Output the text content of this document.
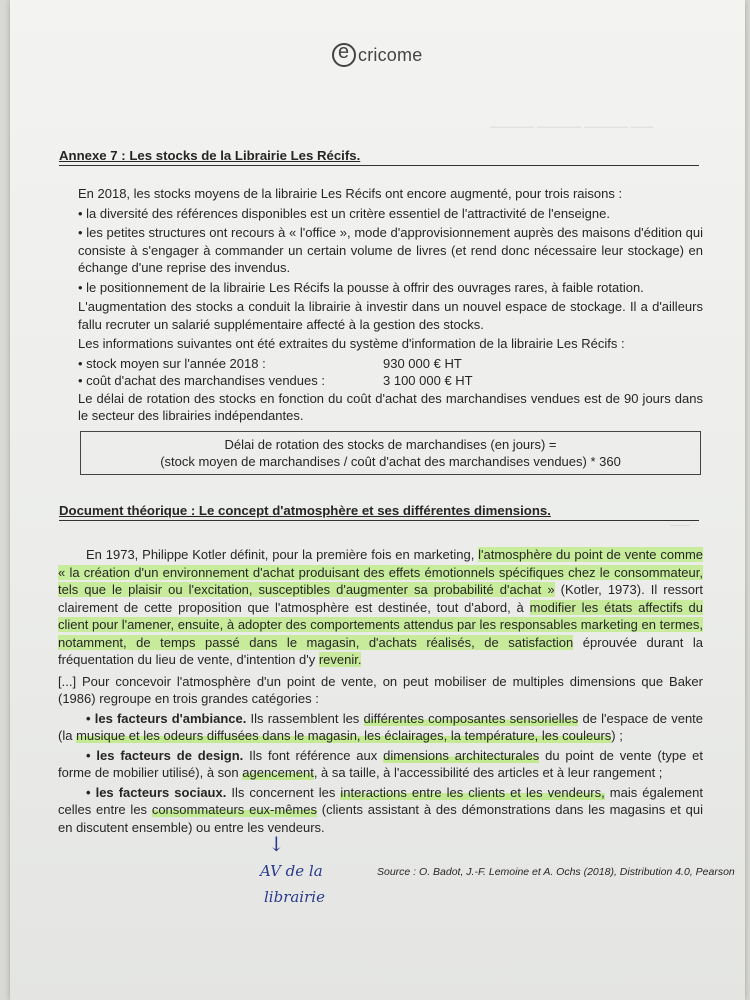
e
cricome
———— ———— ———— ——
Annexe 7 : Les stocks de la Librairie Les Récifs.

En 2018, les stocks moyens de la librairie Les Récifs ont encore augmenté, pour trois raisons :

• la diversité des références disponibles est un critère essentiel de l'attractivité de l'enseigne.

• les petites structures ont recours à « l'office », mode d'approvisionnement auprès des maisons d'édition qui consiste à s'engager à commander un certain volume de livres (et rend donc nécessaire leur stockage) en échange d'une reprise des invendus.

• le positionnement de la librairie Les Récifs la pousse à offrir des ouvrages rares, à faible rotation.

L'augmentation des stocks a conduit la librairie à investir dans un nouvel espace de stockage. Il a d'ailleurs fallu recruter un salarié supplémentaire affecté à la gestion des stocks.

Les informations suivantes ont été extraites du système d'information de la librairie Les Récifs :

• stock moyen sur l'année 2018 :	930 000 € HT
• coût d'achat des marchandises vendues :	3 100 000 € HT

Le délai de rotation des stocks en fonction du coût d'achat des marchandises vendues est de 90 jours dans le secteur des librairies indépendantes.

Délai de rotation des stocks de marchandises (en jours) =
(stock moyen de marchandises / coût d'achat des marchandises vendues) * 360
——
Document théorique : Le concept d'atmosphère et ses différentes dimensions.

En 1973, Philippe Kotler définit, pour la première fois en marketing, l'atmosphère du point de vente comme « la création d'un environnement d'achat produisant des effets émotionnels spécifiques chez le consommateur, tels que le plaisir ou l'excitation, susceptibles d'augmenter sa probabilité d'achat » (Kotler, 1973). Il ressort clairement de cette proposition que l'atmosphère est destinée, tout d'abord, à modifier les états affectifs du client pour l'amener, ensuite, à adopter des comportements attendus par les responsables marketing en termes, notamment, de temps passé dans le magasin, d'achats réalisés, de satisfaction éprouvée durant la fréquentation du lieu de vente, d'intention d'y revenir.

[...] Pour concevoir l'atmosphère d'un point de vente, on peut mobiliser de multiples dimensions que Baker (1986) regroupe en trois grandes catégories :

• les facteurs d'ambiance. Ils rassemblent les différentes composantes sensorielles de l'espace de vente (la musique et les odeurs diffusées dans le magasin, les éclairages, la température, les couleurs) ;

• les facteurs de design. Ils font référence aux dimensions architecturales du point de vente (type et forme de mobilier utilisé), à son agencement, à sa taille, à l'accessibilité des articles et à leur rangement ;

• les facteurs sociaux. Ils concernent les interactions entre les clients et les vendeurs, mais également celles entre les consommateurs eux-mêmes (clients assistant à des démonstrations dans les magasins et qui en discutent ensemble) ou entre les vendeurs.

↓
AV de la
librairie
Source : O. Badot, J.-F. Lemoine et A. Ochs (2018), Distribution 4.0, Pearson
